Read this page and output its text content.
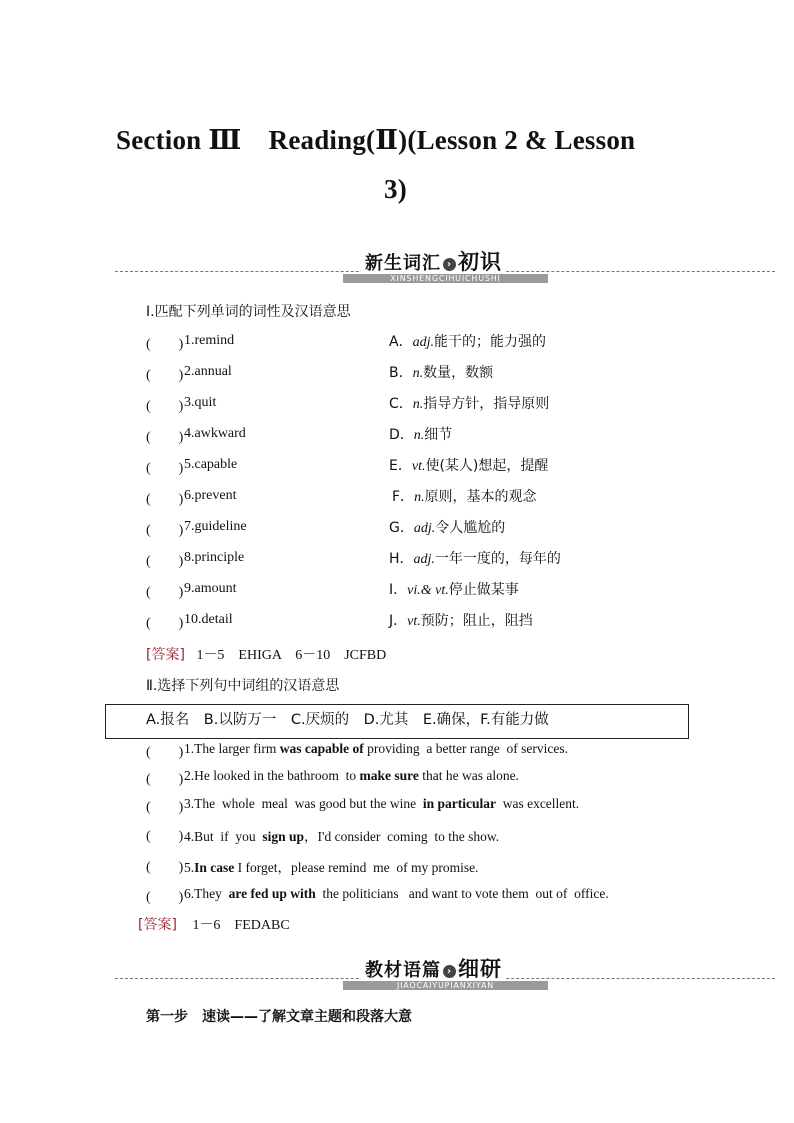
Section Ⅲ　Reading(Ⅱ)(Lesson 2 & Lesson
3)
新生词汇 › 初识
XINSHENGCIHUICHUSHI
Ⅰ.匹配下列单词的词性及汉语意思
(　　) 1.remind	A．adj.能干的；能力强的
(　　) 2.annual	B．n.数量，数额
(　　) 3.quit	C．n.指导方针，指导原则
(　　) 4.awkward	D．n.细节
(　　) 5.capable	E．vt.使(某人)想起，提醒
(　　) 6.prevent	F．n.原则，基本的观念
(　　) 7.guideline	G．adj.令人尴尬的
(　　) 8.principle	H．adj.一年一度的，每年的
(　　) 9.amount	I．vi.& vt.停止做某事
(　　) 10.detail	J．vt.预防；阻止，阻挡
[答案] 1－5　EHIGA　6－10　JCFBD
Ⅱ.选择下列句中词组的汉语意思
A.报名　B.以防万一　C.厌烦的　D.尤其　E.确保，F.有能力做
(　　) 1.The larger firm was capable of providing  a better range  of services.
(　　) 2.He looked in the bathroom  to make sure that he was alone.
(　　) 3.The  whole  meal  was good but the wine  in particular  was excellent.
(　　) 4.But  if  you  sign up，I'd consider  coming  to the show.
(　　) 5.In case I forget，please remind  me  of my promise.
(　　) 6.They  are fed up with  the politicians   and want to vote them  out of  office.
[答案] 1－6　FEDABC
教材语篇 › 细研
JIAOCAIYUPIANXIYAN
第一步　速读——了解文章主题和段落大意
